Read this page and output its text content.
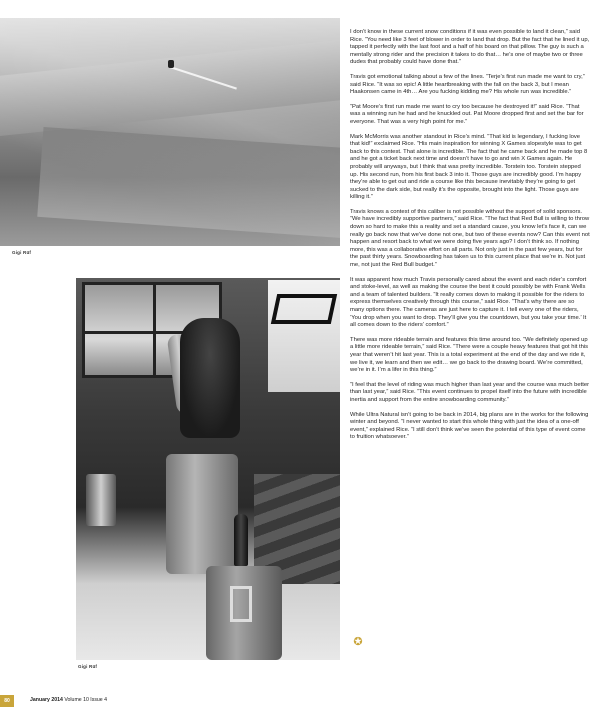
Gigi Rüf
Gigi Rüf

I don’t know in these current snow conditions if it was even possible to land it clean,” said Rice. “You need like 3 feet of blower in order to land that drop. But the fact that he lined it up, tapped it perfectly with the last foot and a half of his board on that pillow. The guy is such a mentally strong rider and the precision it takes to do that… he’s one of maybe two or three dudes that probably could have done that.”

Travis got emotional talking about a few of the lines. “Terje’s first run made me want to cry,” said Rice. “It was so epic! A little heartbreaking with the fall on the back 3, but I mean Haakonsen came in 4th… Are you fucking kidding me? His whole run was incredible.”

“Pat Moore’s first run made me want to cry too because he destroyed it!” said Rice. “That was a winning run he had and he knuckled out. Pat Moore dropped first and set the bar for everyone. That was a very high point for me.”

Mark McMorris was another standout in Rice’s mind. “That kid is legendary, I fucking love that kid!” exclaimed Rice. “His main inspiration for winning X Games slopestyle was to get back to this contest. That alone is incredible. The fact that he came back and he made top 8 and he got a ticket back next time and doesn’t have to go and win X Games again. He probably will anyways, but I think that was pretty incredible. Torstein too. Torstein stepped up. His second run, from his first back 3 into it. Those guys are incredibly good. I’m happy they’re able to get out and ride a course like this because inevitably they’re going to get sucked to the dark side, but really it’s the opposite, brought into the light. Those guys are killing it.”

Travis knows a contest of this caliber is not possible without the support of solid sponsors. “We have incredibly supportive partners,” said Rice. “The fact that Red Bull is willing to throw down so hard to make this a reality and set a standard cause, you know let’s face it, can we really go back now that we’ve done not one, but two of these events now? Can this event not happen and resort back to what we were doing five years ago? I don’t think so. If nothing more, this was a collaborative effort on all parts. Not only just in the past few years, but for the past thirty years. Snowboarding has taken us to this current place that we’re in. Not just me, not just the Red Bull budget.”

It was apparent how much Travis personally cared about the event and each rider’s comfort and stoke-level, as well as making the course the best it could possibly be with Frank Wells and a team of talented builders. “It really comes down to making it possible for the riders to express themselves creatively through this course,” said Rice. “That’s why there are so many options there. The cameras are just here to capture it. I tell every one of the riders, ‘You drop when you want to drop. They’ll give you the countdown, but you take your time.’ It all comes down to the riders’ comfort.”

There was more rideable terrain and features this time around too. “We definitely opened up a little more rideable terrain,” said Rice. “There were a couple heavy features that got hit this year that weren’t hit last year. This is a total experiment at the end of the day and we ride it, we live it, we learn and then we edit… we go back to the drawing board. We’re committed, we’re in it. I’m a lifer in this thing.”

“I feel that the level of riding was much higher than last year and the course was much better than last year,” said Rice. “This event continues to propel itself into the future with incredible inertia and support from the entire snowboarding community.”

While Ultra Natural isn’t going to be back in 2014, big plans are in the works for the following winter and beyond. “I never wanted to start this whole thing with just the idea of a one-off event,” explained Rice. “I still don’t think we’ve seen the potential of this type of event come to fruition whatsoever.”

✪
80	January 2014 Volume 10 Issue 4
